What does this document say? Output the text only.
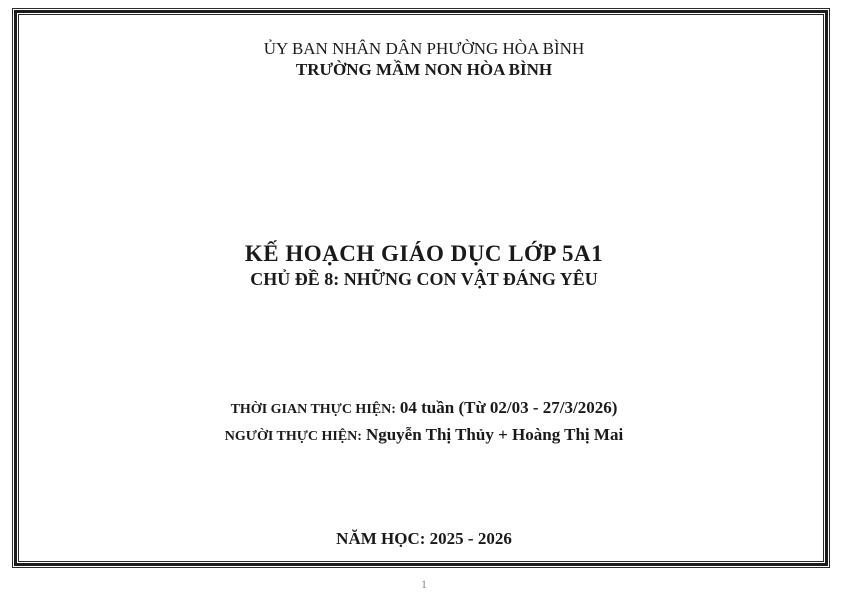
ỦY BAN NHÂN DÂN PHƯỜNG HÒA BÌNH
TRƯỜNG MẦM NON HÒA BÌNH
KẾ HOẠCH GIÁO DỤC LỚP 5A1
CHỦ ĐỀ 8: NHỮNG CON VẬT ĐÁNG YÊU
THỜI GIAN THỰC HIỆN: 04 tuần (Từ 02/03 - 27/3/2026)
NGƯỜI THỰC HIỆN: Nguyễn Thị Thủy + Hoàng Thị Mai
NĂM HỌC: 2025 - 2026
1
